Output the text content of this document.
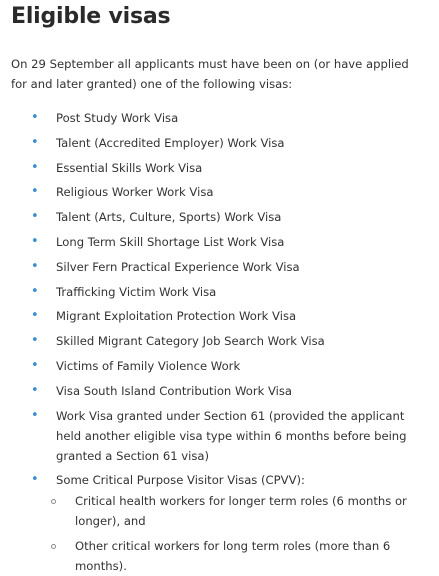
Eligible visas

On 29 September all applicants must have been on (or have applied for and later granted) one of the following visas:

• Post Study Work Visa
• Talent (Accredited Employer) Work Visa
• Essential Skills Work Visa
• Religious Worker Work Visa
• Talent (Arts, Culture, Sports) Work Visa
• Long Term Skill Shortage List Work Visa
• Silver Fern Practical Experience Work Visa
• Trafficking Victim Work Visa
• Migrant Exploitation Protection Work Visa
• Skilled Migrant Category Job Search Work Visa
• Victims of Family Violence Work
• Visa South Island Contribution Work Visa
• Work Visa granted under Section 61 (provided the applicant held another eligible visa type within 6 months before being granted a Section 61 visa)
• Some Critical Purpose Visitor Visas (CPVV):
Critical health workers for longer term roles (6 months or longer), and
Other critical workers for long term roles (more than 6 months).
